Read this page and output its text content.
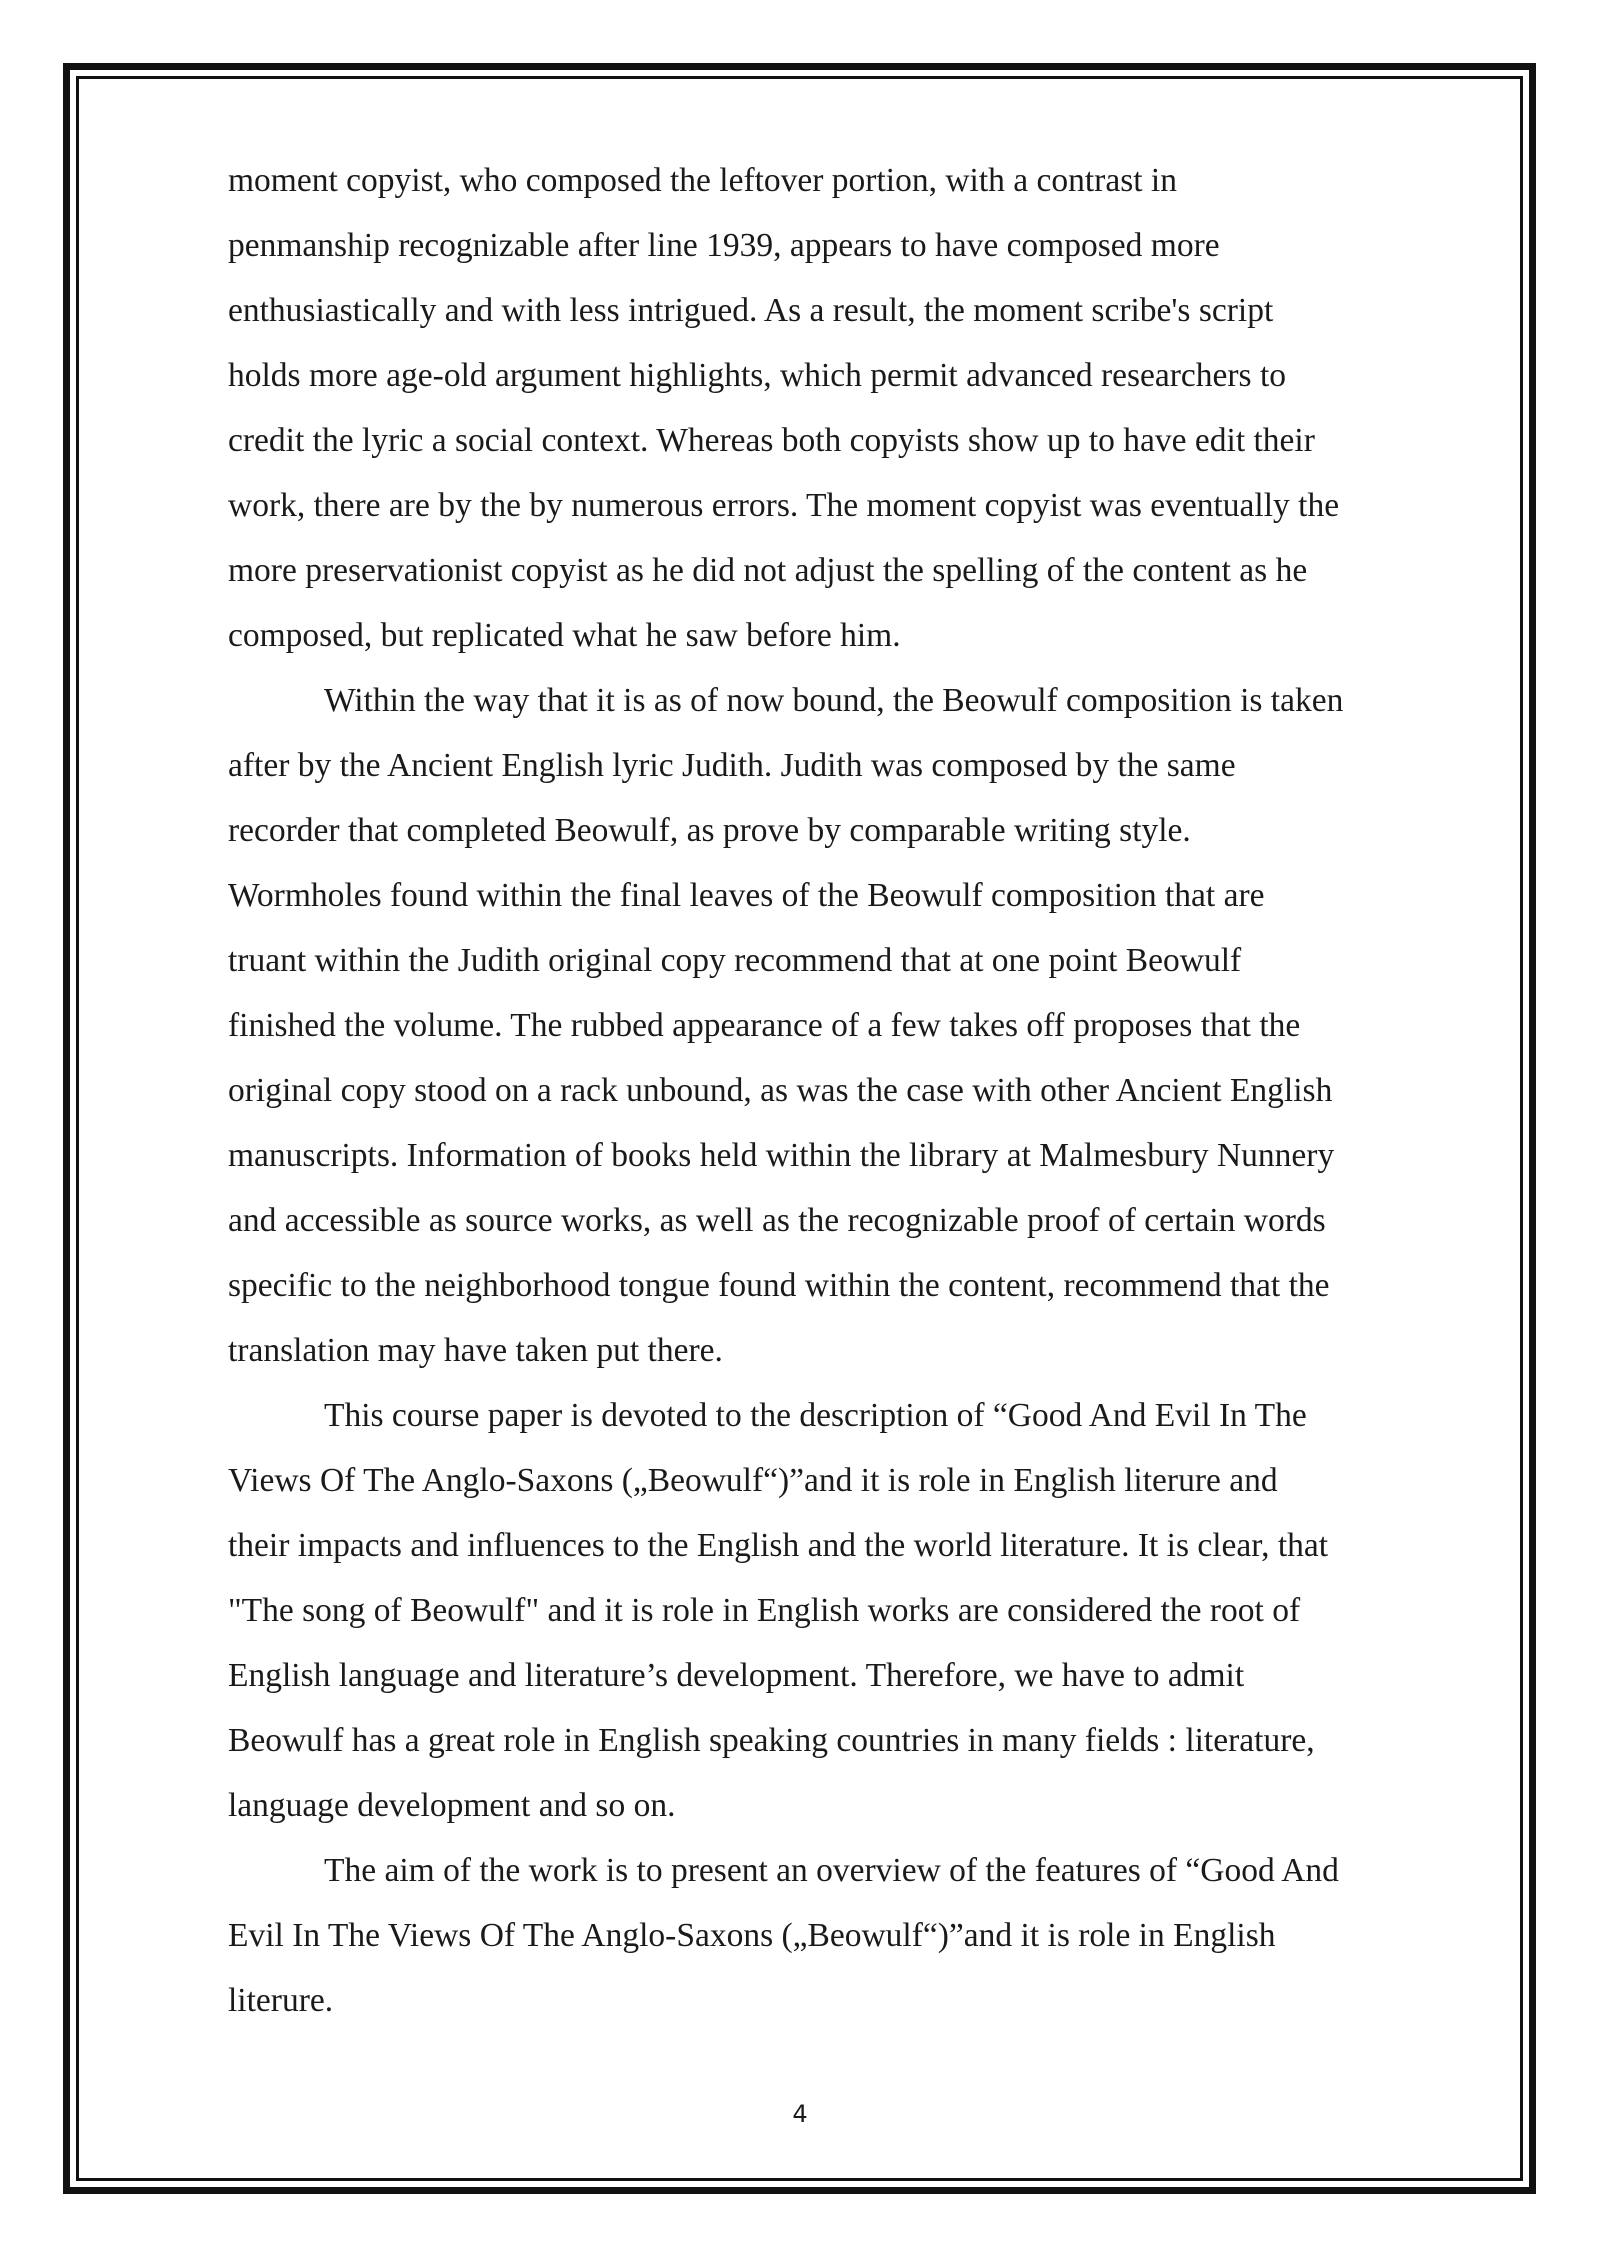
moment copyist, who composed the leftover portion, with a contrast in

penmanship recognizable after line 1939, appears to have composed more

enthusiastically and with less intrigued. As a result, the moment scribe's script

holds more age-old argument highlights, which permit advanced researchers to

credit the lyric a social context. Whereas both copyists show up to have edit their

work, there are by the by numerous errors. The moment copyist was eventually the

more preservationist copyist as he did not adjust the spelling of the content as he

composed, but replicated what he saw before him.

Within the way that it is as of now bound, the Beowulf composition is taken

after by the Ancient English lyric Judith. Judith was composed by the same

recorder that completed Beowulf, as prove by comparable writing style.

Wormholes found within the final leaves of the Beowulf composition that are

truant within the Judith original copy recommend that at one point Beowulf

finished the volume. The rubbed appearance of a few takes off proposes that the

original copy stood on a rack unbound, as was the case with other Ancient English

manuscripts. Information of books held within the library at Malmesbury Nunnery

and accessible as source works, as well as the recognizable proof of certain words

specific to the neighborhood tongue found within the content, recommend that the

translation may have taken put there.

This course paper is devoted to the description of “Good And Evil In The

Views Of The Anglo-Saxons („Beowulf“)”and it is role in English literure and

their impacts and influences to the English and the world literature. It is clear, that

"The song of Beowulf" and it is role in English works are considered the root of

English language and literature’s development. Therefore, we have to admit

Beowulf has a great role in English speaking countries in many fields : literature,

language development and so on.

The aim of the work is to present an overview of the features of “Good And

Evil In The Views Of The Anglo-Saxons („Beowulf“)”and it is role in English

literure.

4
